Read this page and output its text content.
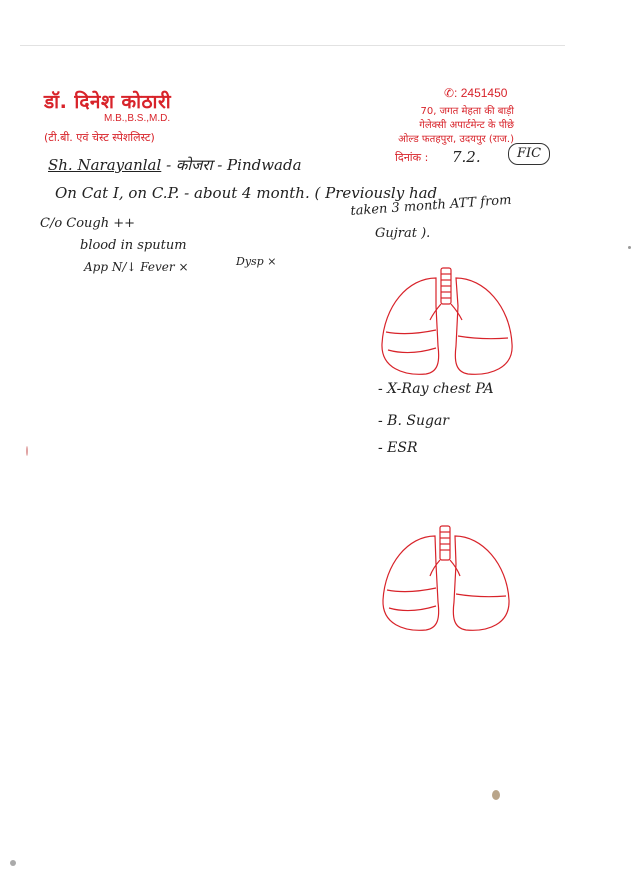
डॉ. दिनेश कोठारी
M.B.,B.S.,M.D.
(टी.बी. एवं चेस्ट स्पेशलिस्ट)
✆: 2451450
70, जगत मेहता की बाड़ी
गेलेक्सी अपार्टमेन्ट के पीछे
ओल्ड फतहपुरा, उदयपुर (राज.)
दिनांक : 7.2.	FIC
Sh. Narayanlal - कोजरा - Pindwada
On Cat I, on C.P. - about 4 month. ( Previously had
taken 3 month ATT from
Gujrat ).
C/o Cough ++
blood in sputum
App N/↓ Fever ×	Dysp ×
- X-Ray chest PA
- B. Sugar
- ESR
